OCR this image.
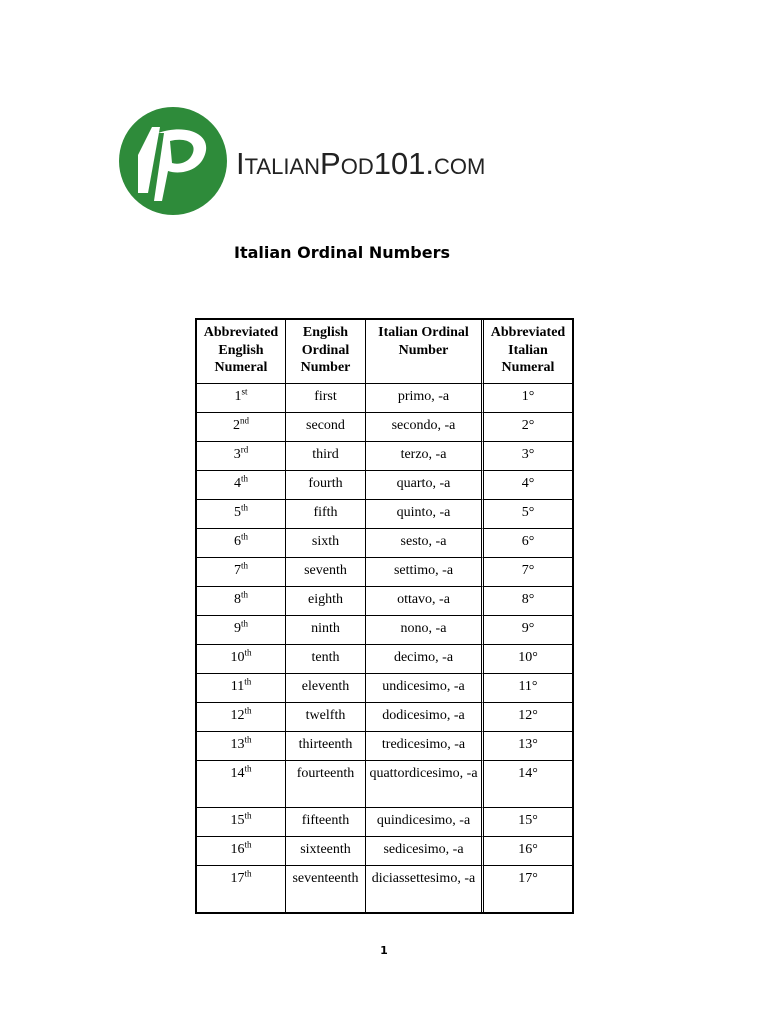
ITALIANPOD101.COM
Italian Ordinal Numbers
Abbreviated English Numeral	English Ordinal Number	Italian Ordinal Number	Abbreviated Italian Numeral
1st	first	primo, -a	1°
2nd	second	secondo, -a	2°
3rd	third	terzo, -a	3°
4th	fourth	quarto, -a	4°
5th	fifth	quinto, -a	5°
6th	sixth	sesto, -a	6°
7th	seventh	settimo, -a	7°
8th	eighth	ottavo, -a	8°
9th	ninth	nono, -a	9°
10th	tenth	decimo, -a	10°
11th	eleventh	undicesimo, -a	11°
12th	twelfth	dodicesimo, -a	12°
13th	thirteenth	tredicesimo, -a	13°
14th	fourteenth	quattordicesimo, -a	14°
15th	fifteenth	quindicesimo, -a	15°
16th	sixteenth	sedicesimo, -a	16°
17th	seventeenth	diciassettesimo, -a	17°
1
